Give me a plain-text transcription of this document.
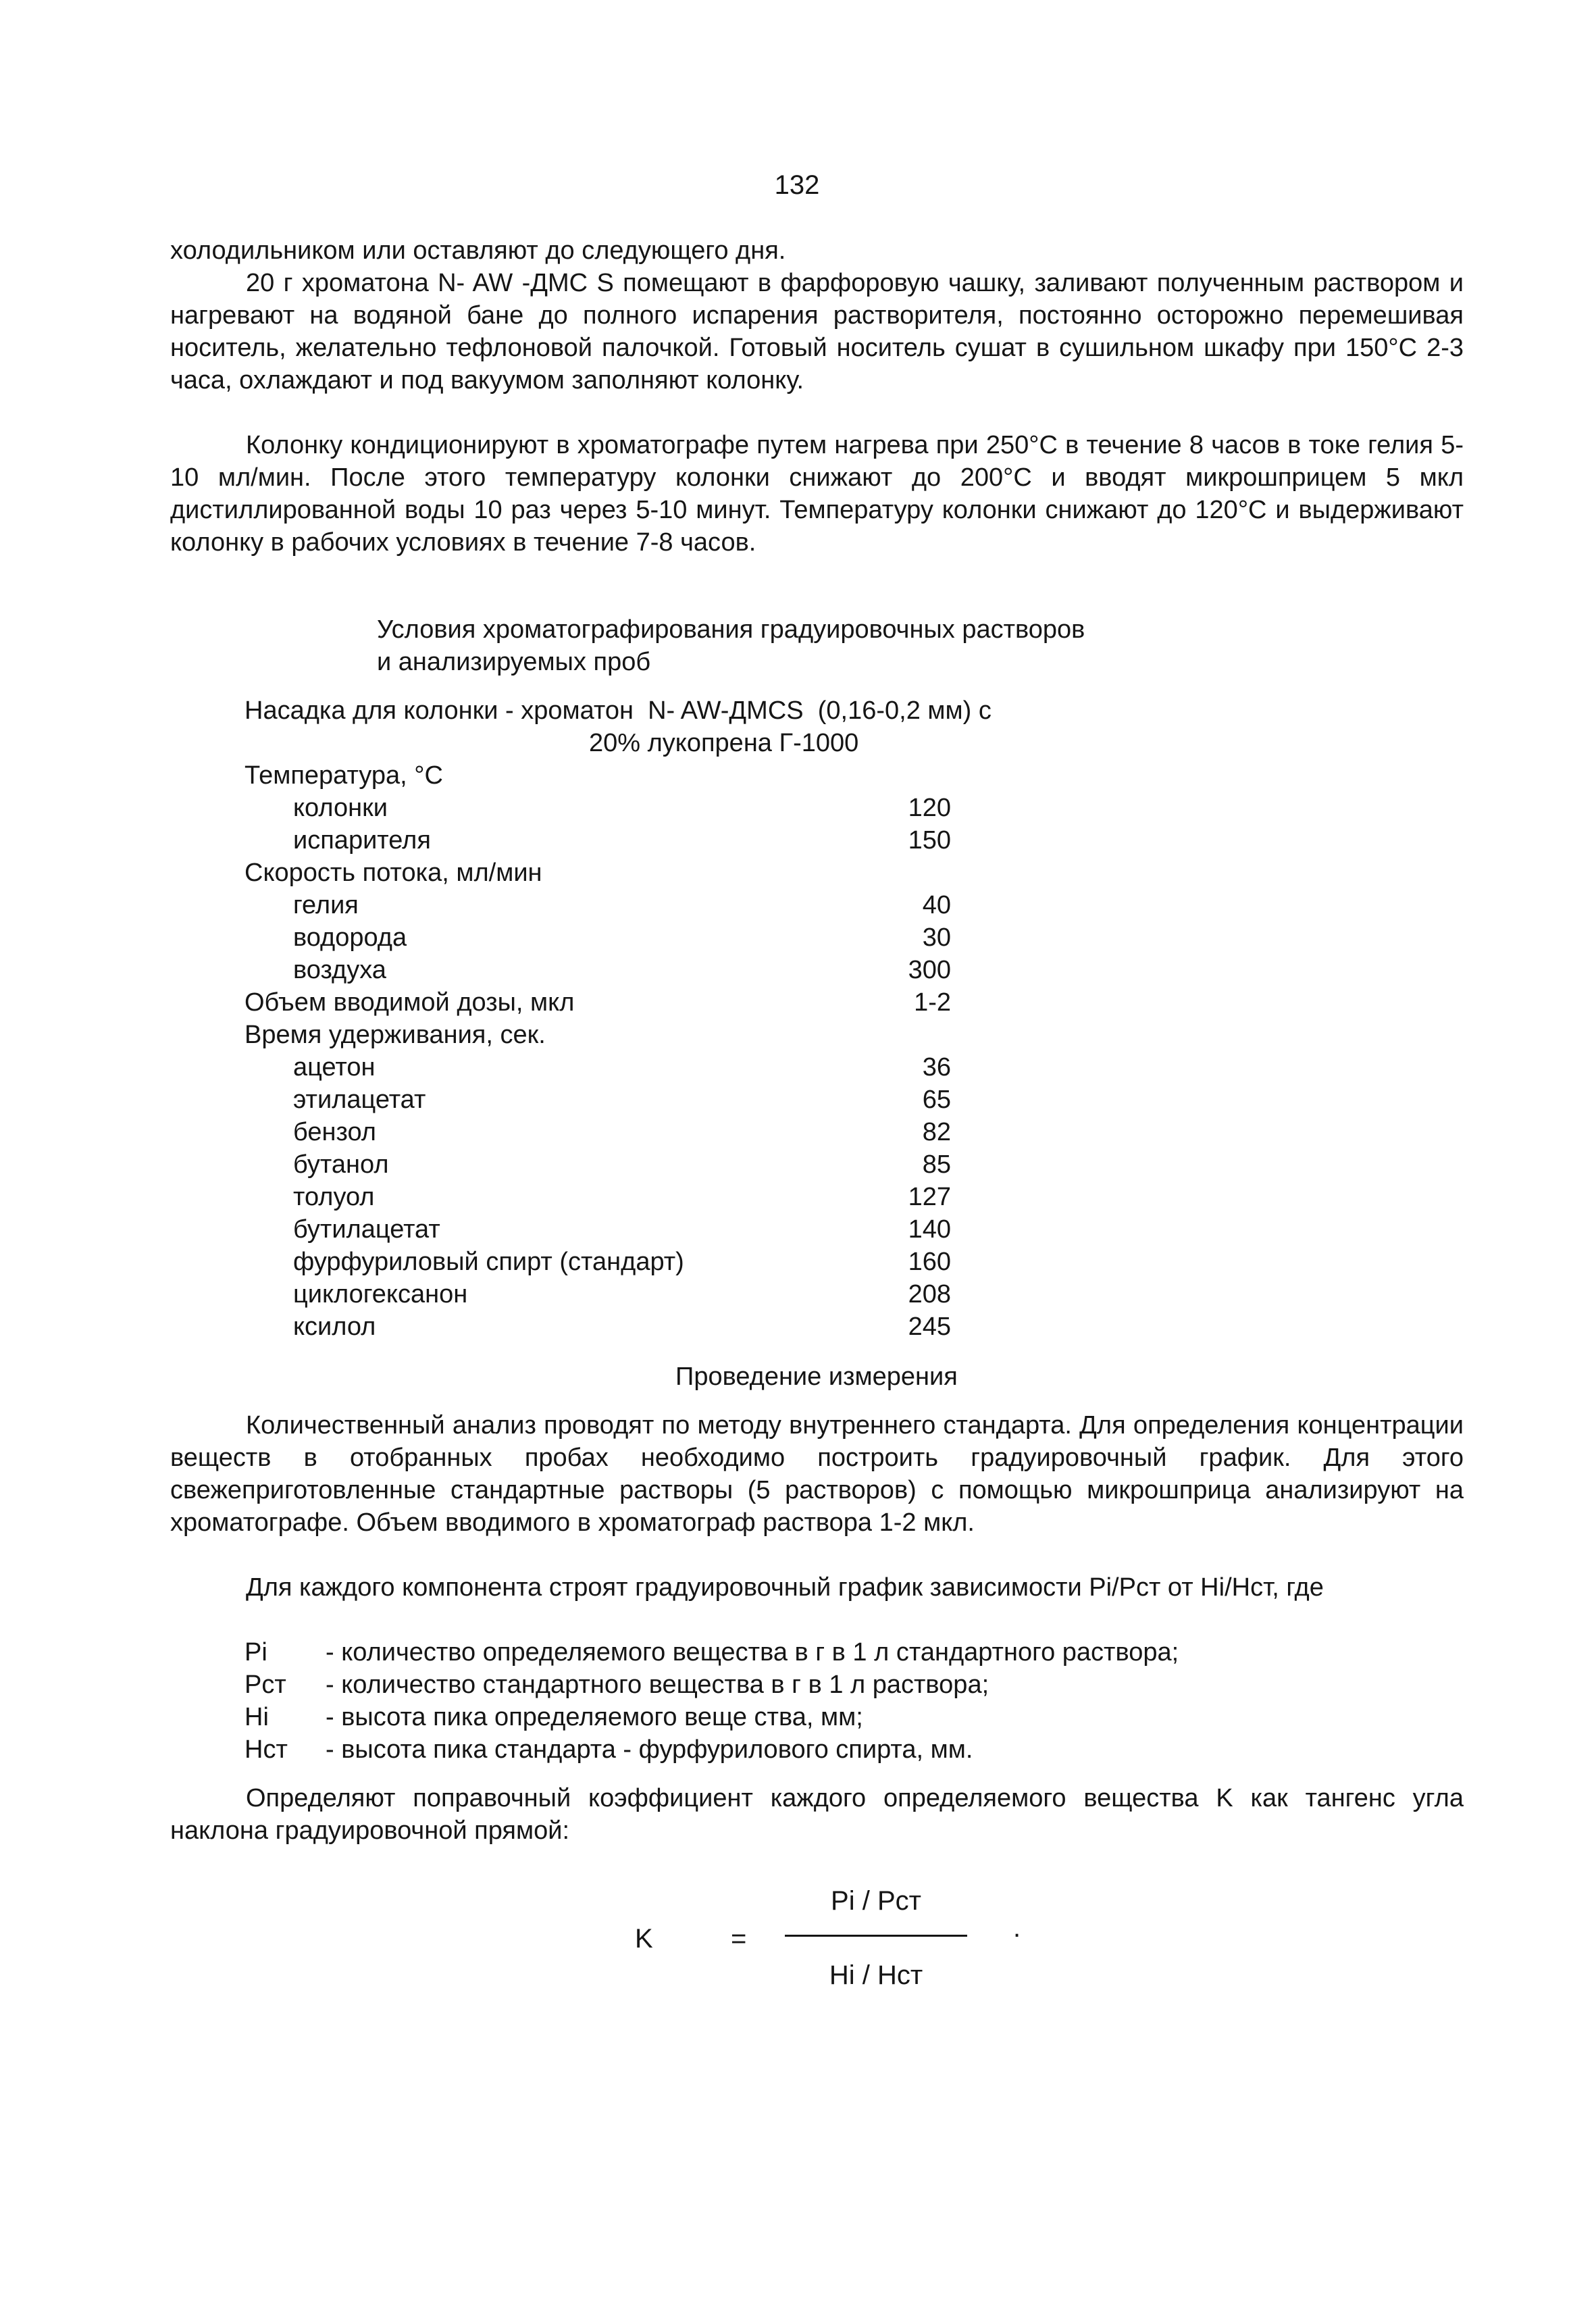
132

холодильником или оставляют до следующего дня.

20 г хроматона N- AW -ДМС S помещают в фарфоровую чашку, заливают полученным раствором и нагревают на водяной бане до полного испарения растворителя, постоянно осторожно перемешивая носитель, желательно тефлоновой палочкой. Готовый носитель сушат в сушильном шкафу при 150°С 2-3 часа, охлаждают и под вакуумом заполняют колонку.

Колонку кондиционируют в хроматографе путем нагрева при 250°С в течение 8 часов в токе гелия 5-10 мл/мин. После этого температуру колонки снижают до 200°С и вводят микрошприцем 5 мкл дистиллированной воды 10 раз через 5-10 минут. Температуру колонки снижают до 120°С и выдерживают колонку в рабочих условиях в течение 7-8 часов.

Условия хроматографирования градуировочных растворов
и анализируемых проб
Насадка для колонки - хроматон  N- AW-ДМСS  (0,16-0,2 мм) с
20% лукопрена Г-1000
Температура, °С
колонки	120
испарителя	150
Скорость потока, мл/мин
гелия	40
водорода	30
воздуха	300
Объем вводимой дозы, мкл	1-2
Время удерживания, сек.
ацетон	36
этилацетат	65
бензол	82
бутанол	85
толуол	127
бутилацетат	140
фурфуриловый спирт (стандарт)	160
циклогексанон	208
ксилол	245
Проведение измерения

Количественный анализ проводят по методу внутреннего стандарта. Для определения концентрации веществ в отобранных пробах необходимо построить градуировочный график. Для этого свежеприготовленные стандартные растворы (5 растворов) с помощью микрошприца анализируют на хроматографе. Объем вводимого в хроматограф раствора 1-2 мкл.

Для каждого компонента строят градуировочный график зависимости Pi/Pст от Hi/Hст, где

Pi - количество определяемого вещества в г в 1 л стандартного раствора;
Pст - количество стандартного вещества в г в 1 л раствора;
Hi - высота пика определяемого веще ства, мм;
Hст - высота пика стандарта - фурфурилового спирта, мм.

Определяют поправочный коэффициент каждого определяемого вещества K как тангенс угла наклона градуировочной прямой:

K	=
Pi / Pст
Hi / Hст
.
